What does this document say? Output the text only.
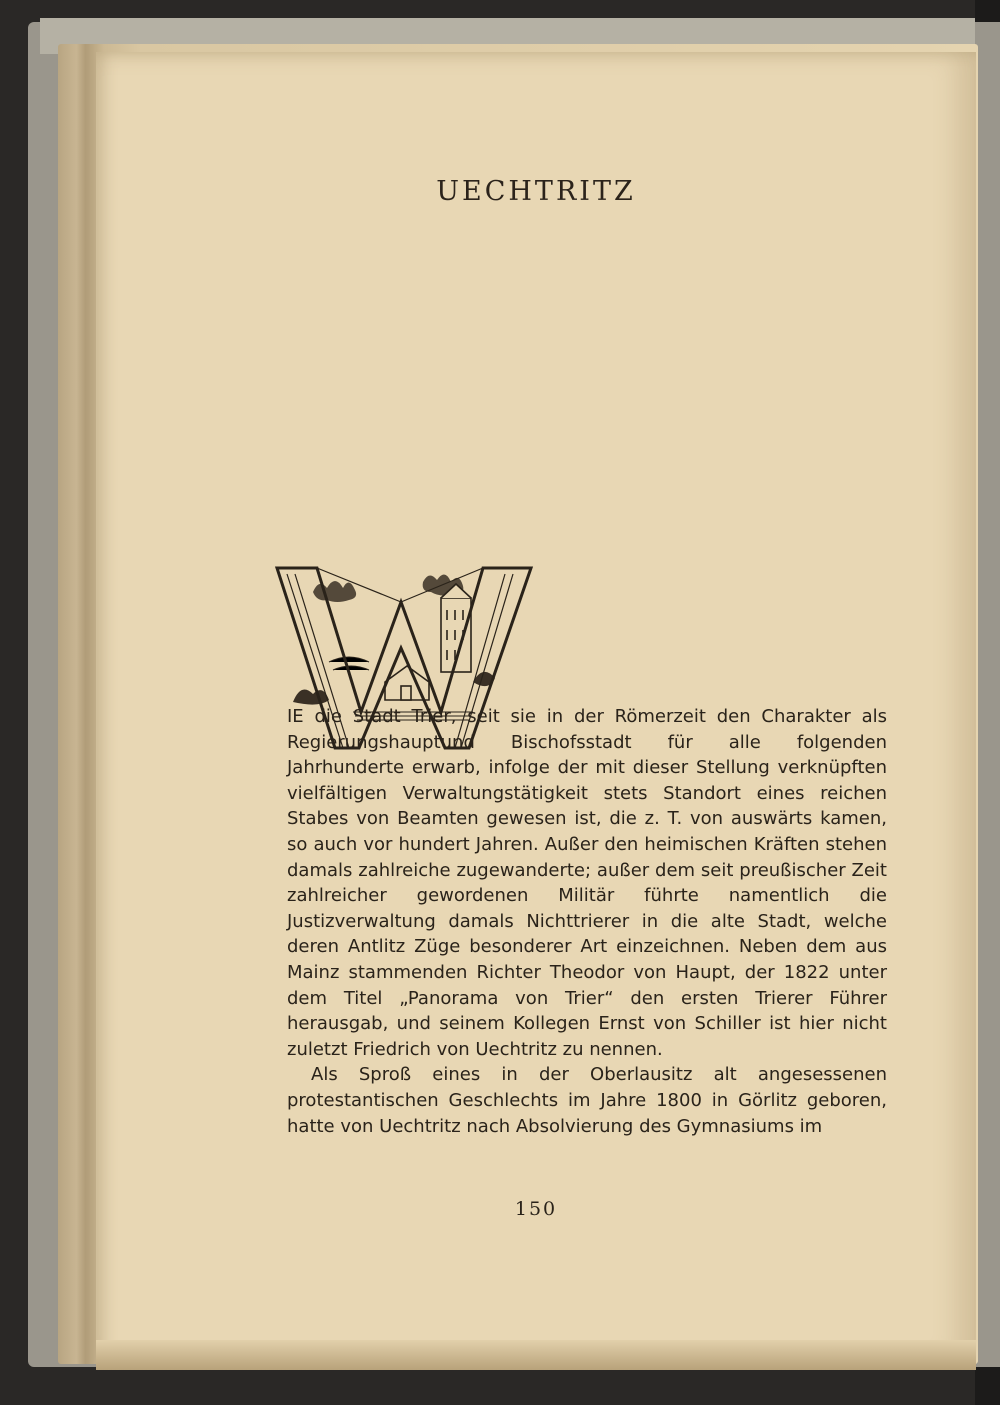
UECHTRITZ

IE die Stadt Trier, seit sie in der Römerzeit den Charakter als Regierungshauptund Bischofsstadt für alle folgenden Jahrhunderte erwarb, infolge der mit dieser Stellung verknüpften vielfältigen Verwaltungstätigkeit stets Standort eines reichen Stabes von Beamten gewesen ist, die z. T. von auswärts kamen, so auch vor hundert Jahren. Außer den heimischen Kräften stehen damals zahlreiche zugewanderte; außer dem seit preußischer Zeit zahlreicher gewordenen Militär führte namentlich die Justizverwaltung damals Nichttrierer in die alte Stadt, welche deren Antlitz Züge besonderer Art einzeichnen. Neben dem aus Mainz stammenden Richter Theodor von Haupt, der 1822 unter dem Titel „Panorama von Trier“ den ersten Trierer Führer herausgab, und seinem Kollegen Ernst von Schiller ist hier nicht zuletzt Friedrich von Uechtritz zu nennen.

Als Sproß eines in der Oberlausitz alt angesessenen protestantischen Geschlechts im Jahre 1800 in Görlitz geboren, hatte von Uechtritz nach Absolvierung des Gymnasiums im

150
